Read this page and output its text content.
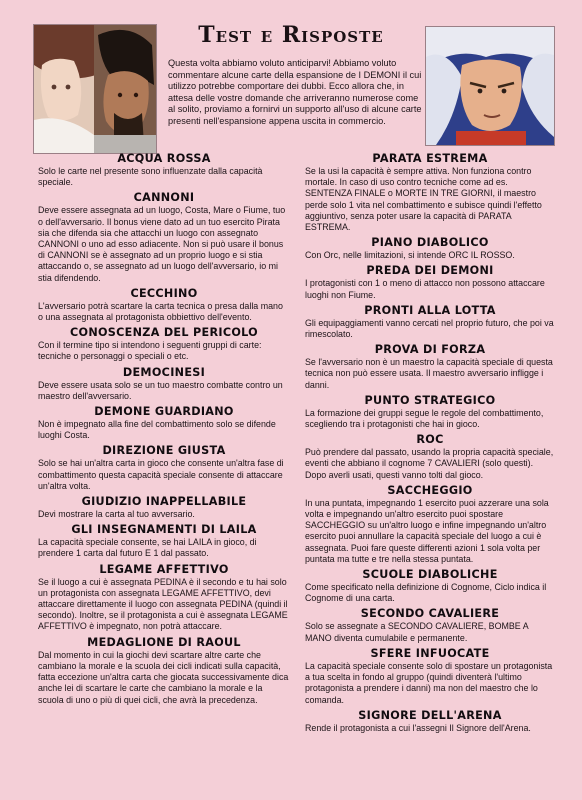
Test e Risposte
Questa volta abbiamo voluto anticiparvi! Abbiamo voluto commentare alcune carte della espansione de I DEMONI il cui utilizzo potrebbe comportare dei dubbi. Ecco allora che, in attesa delle vostre domande che arriveranno numerose come al solito, proviamo a fornirvi un supporto all'uso di alcune carte presenti nell'espansione appena uscita in commercio.
ACQUA ROSSA

Solo le carte nel presente sono influenzate dalla capacità speciale.

CANNONI

Deve essere assegnata ad un luogo, Costa, Mare o Fiume, tuo o dell'avversario. Il bonus viene dato ad un tuo esercito Pirata sia che difenda sia che attacchi un luogo con assegnato CANNONI o uno ad esso adiacente. Non si può usare il bonus di CANNONI se è assegnato ad un proprio luogo e si stia attaccando o, se assegnato ad un luogo dell'avversario, io mi stia difendendo.

CECCHINO

L'avversario potrà scartare la carta tecnica o presa dalla mano o una assegnata al protagonista obbiettivo dell'evento.

CONOSCENZA DEL PERICOLO

Con il termine tipo si intendono i seguenti gruppi di carte: tecniche o personaggi o speciali o etc.

DEMOCINESI

Deve essere usata solo se un tuo maestro combatte contro un maestro dell'avversario.

DEMONE GUARDIANO

Non è impegnato alla fine del combattimento solo se difende luoghi Costa.

DIREZIONE GIUSTA

Solo se hai un'altra carta in gioco che consente un'altra fase di combattimento questa capacità speciale consente di attaccare un'altra volta.

GIUDIZIO INAPPELLABILE

Devi mostrare la carta al tuo avversario.

GLI INSEGNAMENTI DI LAILA

La capacità speciale consente, se hai LAILA in gioco, di prendere 1 carta dal futuro E 1 dal passato.

LEGAME AFFETTIVO

Se il luogo a cui è assegnata PEDINA è il secondo e tu hai solo un protagonista con assegnata LEGAME AFFETTIVO, devi attaccare direttamente il luogo con assegnata PEDINA (quindi il secondo). Inoltre, se il protagonista a cui è assegnata LEGAME AFFETTIVO è impegnato, non potrà attaccare.

MEDAGLIONE DI RAOUL

Dal momento in cui la giochi devi scartare altre carte che cambiano la morale e la scuola dei cicli indicati sulla capacità, fatta eccezione un'altra carta che giocata successivamente dica anche lei di scartare le carte che cambiano la morale e la scuola di uno o più di quei cicli, che avrà la precedenza.

PARATA ESTREMA

Se la usi la capacità è sempre attiva. Non funziona contro mortale. In caso di uso contro tecniche come ad es. SENTENZA FINALE o MORTE IN TRE GIORNI, il maestro perde solo 1 vita nel combattimento e subisce quindi l'effetto aggiuntivo, senza poter usare la capacità di PARATA ESTREMA.

PIANO DIABOLICO

Con Orc, nelle limitazioni, si intende ORC IL ROSSO.

PREDA DEI DEMONI

I protagonisti con 1 o meno di attacco non possono attaccare luoghi non Fiume.

PRONTI ALLA LOTTA

Gli equipaggiamenti vanno cercati nel proprio futuro, che poi va rimescolato.

PROVA DI FORZA

Se l'avversario non è un maestro la capacità speciale di questa tecnica non può essere usata. Il maestro avversario infligge i danni.

PUNTO STRATEGICO

La formazione dei gruppi segue le regole del combattimento, scegliendo tra i protagonisti che hai in gioco.

ROC

Può prendere dal passato, usando la propria capacità speciale, eventi che abbiano il cognome 7 CAVALIERI (solo questi). Dopo averli usati, questi vanno tolti dal gioco.

SACCHEGGIO

In una puntata, impegnando 1 esercito puoi azzerare una sola volta e impegnando un'altro esercito puoi spostare SACCHEGGIO su un'altro luogo e infine impegnando un'altro esercito puoi annullare la capacità speciale del luogo a cui è assegnata. Puoi fare queste differenti azioni 1 sola volta per puntata ma tutte e tre nella stessa puntata.

SCUOLE DIABOLICHE

Come specificato nella definizione di Cognome, Ciclo indica il Cognome di una carta.

SECONDO CAVALIERE

Solo se assegnate a SECONDO CAVALIERE, BOMBE A MANO diventa cumulabile e permanente.

SFERE INFUOCATE

La capacità speciale consente solo di spostare un protagonista a tua scelta in fondo al gruppo (quindi diventerà l'ultimo protagonista a prendere i danni) ma non del maestro che lo comanda.

SIGNORE DELL'ARENA

Rende il protagonista a cui l'assegni Il Signore dell'Arena.
